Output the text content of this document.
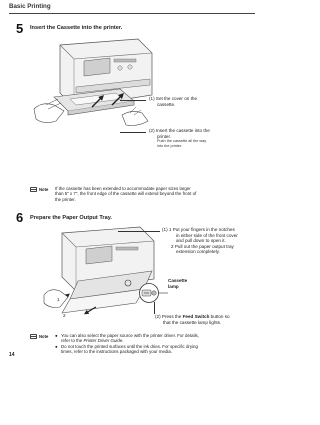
Basic Printing
5 Insert the Cassette into the printer.
(1) Set the cover on the
cassette.
(2) Insert the cassette into the
printer.
Push the cassette all the way
into the printer.
Note If the cassette has been extended to accommodate paper sizes larger
than 5" x 7", the front edge of the cassette will extend beyond the front of
the printer.
6 Prepare the Paper Output Tray.
(1) 1 Put your fingers in the notches
in either side of the front cover
and pull down to open it.
2 Pull out the paper output tray
extension completely.
Cassette
lamp
1
2	(2) Press the Feed Switch button so
that the cassette lamp lights.
Note ● You can also select the paper source with the printer driver. For details,
refer to the Printer Driver Guide.
● Do not touch the printed surfaces until the ink dries. For specific drying
times, refer to the instructions packaged with your media.
14
